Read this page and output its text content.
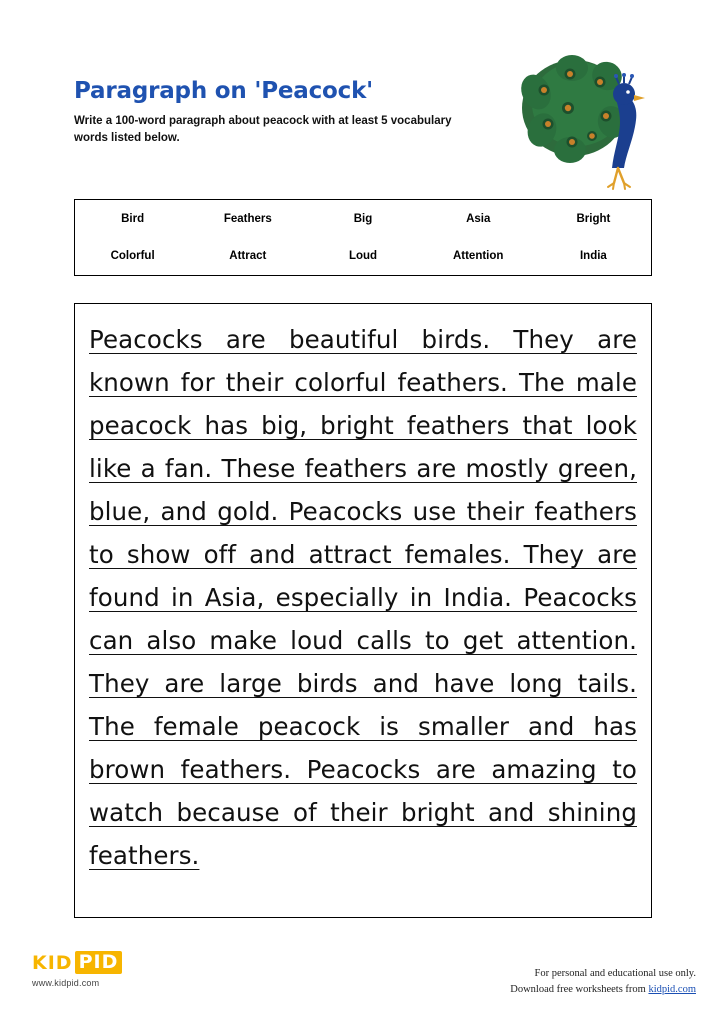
Paragraph on 'Peacock'

Write a 100-word paragraph about peacock with at least 5 vocabulary words listed below.

Bird	Feathers	Big	Asia	Bright
Colorful	Attract	Loud	Attention	India

Peacocks are beautiful birds. They are known for their colorful feathers. The male peacock has big, bright feathers that look like a fan. These feathers are mostly green, blue, and gold. Peacocks use their feathers to show off and attract females. They are found in Asia, especially in India. Peacocks can also make loud calls to get attention. They are large birds and have long tails. The female peacock is smaller and has brown feathers. Peacocks are amazing to watch because of their bright and shining feathers.

KID PID
www.kidpid.com
For personal and educational use only.
Download free worksheets from kidpid.com
